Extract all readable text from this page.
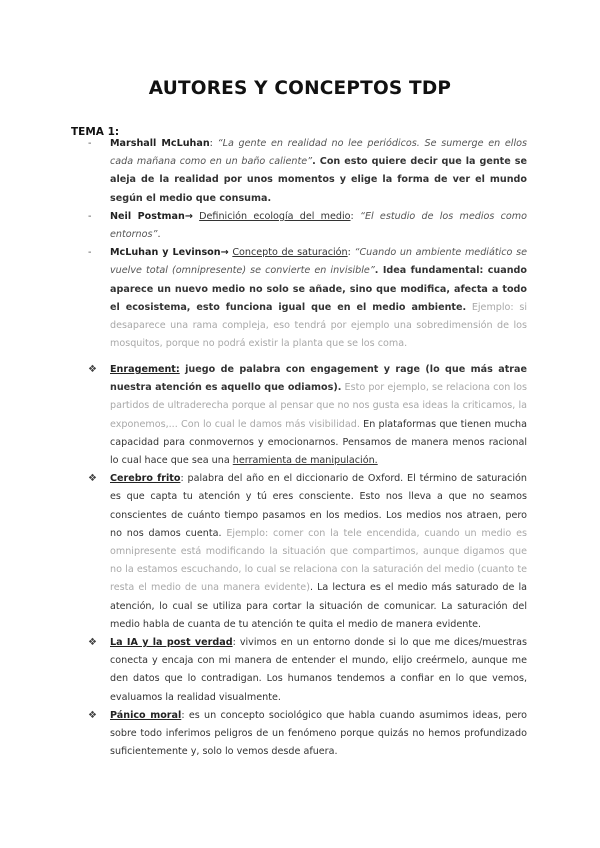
AUTORES Y CONCEPTOS TDP
TEMA 1:
-	Marshall McLuhan: “La gente en realidad no lee periódicos. Se sumerge en ellos cada mañana como en un baño caliente”. Con esto quiere decir que la gente se aleja de la realidad por unos momentos y elige la forma de ver el mundo según el medio que consuma.
-	Neil Postman→ Definición ecología del medio: “El estudio de los medios como entornos”.
-	McLuhan y Levinson→ Concepto de saturación: “Cuando un ambiente mediático se vuelve total (omnipresente) se convierte en invisible”. Idea fundamental: cuando aparece un nuevo medio no solo se añade, sino que modifica, afecta a todo el ecosistema, esto funciona igual que en el medio ambiente. Ejemplo: si desaparece una rama compleja, eso tendrá por ejemplo una sobredimensión de los mosquitos, porque no podrá existir la planta que se los coma.
❖	Enragement: juego de palabra con engagement y rage (lo que más atrae nuestra atención es aquello que odiamos). Esto por ejemplo, se relaciona con los partidos de ultraderecha porque al pensar que no nos gusta esa ideas la criticamos, la exponemos,... Con lo cual le damos más visibilidad. En plataformas que tienen mucha capacidad para conmovernos y emocionarnos. Pensamos de manera menos racional lo cual hace que sea una herramienta de manipulación.
❖	Cerebro frito: palabra del año en el diccionario de Oxford. El término de saturación es que capta tu atención y tú eres consciente. Esto nos lleva a que no seamos conscientes de cuánto tiempo pasamos en los medios. Los medios nos atraen, pero no nos damos cuenta. Ejemplo: comer con la tele encendida, cuando un medio es omnipresente está modificando la situación que compartimos, aunque digamos que no la estamos escuchando, lo cual se relaciona con la saturación del medio (cuanto te resta el medio de una manera evidente). La lectura es el medio más saturado de la atención, lo cual se utiliza para cortar la situación de comunicar. La saturación del medio habla de cuanta de tu atención te quita el medio de manera evidente.
❖	La IA y la post verdad: vivimos en un entorno donde si lo que me dices/muestras conecta y encaja con mi manera de entender el mundo, elijo creérmelo, aunque me den datos que lo contradigan. Los humanos tendemos a confiar en lo que vemos, evaluamos la realidad visualmente.
❖	Pánico moral: es un concepto sociológico que habla cuando asumimos ideas, pero sobre todo inferimos peligros de un fenómeno porque quizás no hemos profundizado suficientemente y, solo lo vemos desde afuera.
